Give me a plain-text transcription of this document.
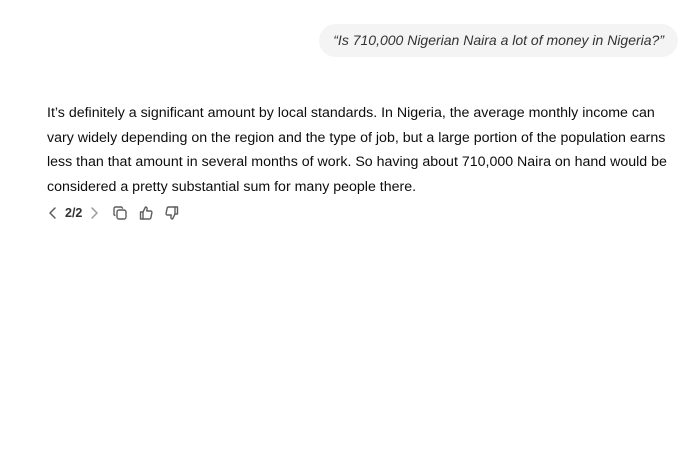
“Is 710,000 Nigerian Naira a lot of money in Nigeria?”
It’s definitely a significant amount by local standards. In Nigeria, the average monthly income can vary widely depending on the region and the type of job, but a large portion of the population earns less than that amount in several months of work. So having about 710,000 Naira on hand would be considered a pretty substantial sum for many people there.
2/2
